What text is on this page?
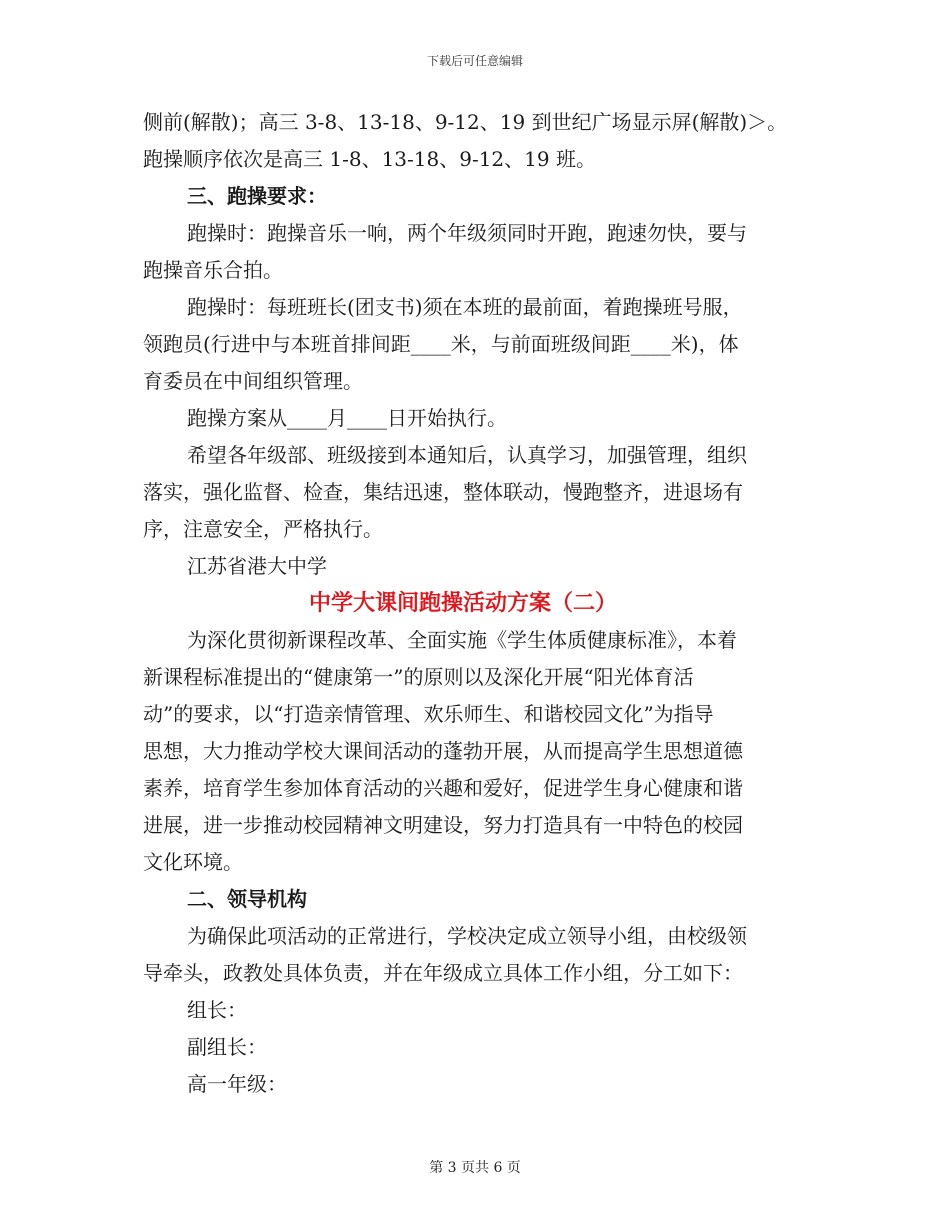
下载后可任意编辑
侧前(解散)；高三 3-8、13-18、9-12、19 到世纪广场显示屏(解散)＞。
跑操顺序依次是高三 1-8、13-18、9-12、19 班。
三、跑操要求：
跑操时：跑操音乐一响，两个年级须同时开跑，跑速勿快，要与
跑操音乐合拍。
跑操时：每班班长(团支书)须在本班的最前面，着跑操班号服，
领跑员(行进中与本班首排间距____米，与前面班级间距____米)，体
育委员在中间组织管理。
跑操方案从____月____日开始执行。
希望各年级部、班级接到本通知后，认真学习，加强管理，组织
落实，强化监督、检查，集结迅速，整体联动，慢跑整齐，进退场有
序，注意安全，严格执行。
江苏省港大中学
中学大课间跑操活动方案（二）
为深化贯彻新课程改革、全面实施《学生体质健康标准》，本着
新课程标准提出的“健康第一”的原则以及深化开展“阳光体育活
动”的要求，以“打造亲情管理、欢乐师生、和谐校园文化”为指导
思想，大力推动学校大课间活动的蓬勃开展，从而提高学生思想道德
素养，培育学生参加体育活动的兴趣和爱好，促进学生身心健康和谐
进展，进一步推动校园精神文明建设，努力打造具有一中特色的校园
文化环境。
二、领导机构
为确保此项活动的正常进行，学校决定成立领导小组，由校级领
导牵头，政教处具体负责，并在年级成立具体工作小组，分工如下：
组长：
副组长：
高一年级：
第 3 页共 6 页
